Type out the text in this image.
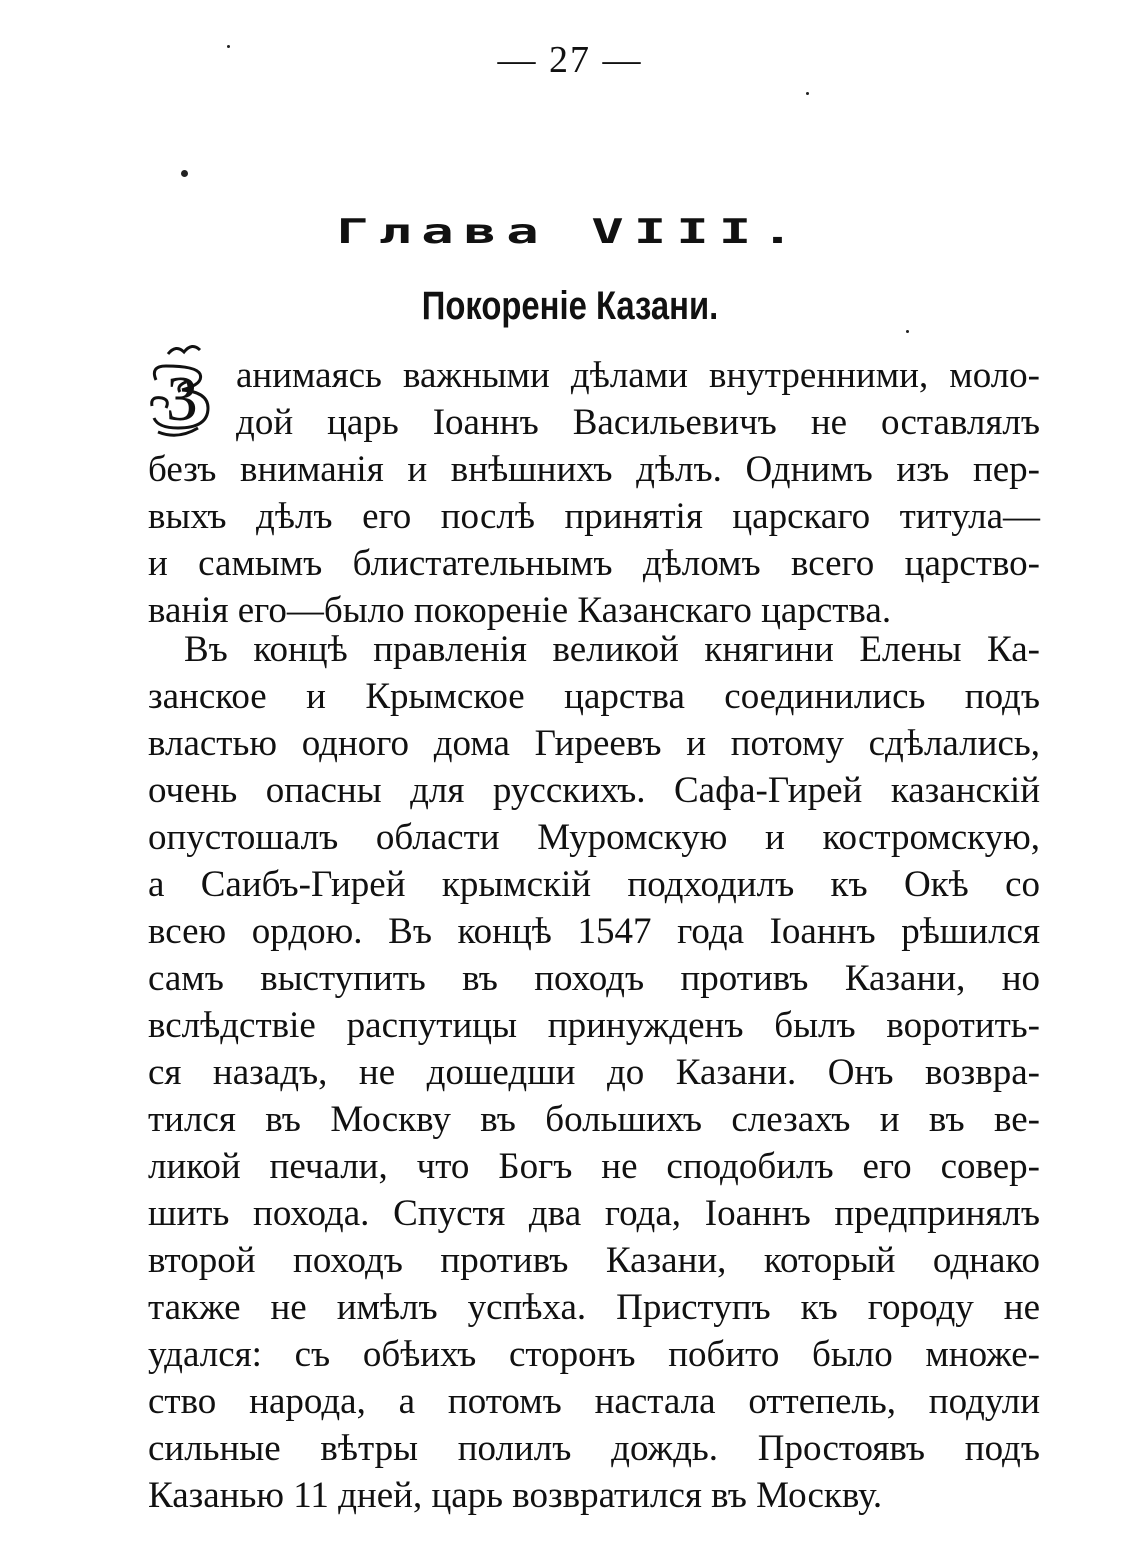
— 27 —
Глава VIII.
Покореніе Казани.
З анимаясь важными дѣлами внутренними, моло-
дой царь Іоаннъ Васильевичъ не оставлялъ
безъ вниманія и внѣшнихъ дѣлъ. Однимъ изъ пер-
выхъ дѣлъ его послѣ принятія царскаго титула—
и самымъ блистательнымъ дѣломъ всего царство-
ванія его—было покореніе Казанскаго царства.
Въ концѣ правленія великой княгини Елены Ка-
занское и Крымское царства соединились подъ
властью одного дома Гиреевъ и потому сдѣлались,
очень опасны для русскихъ. Сафа-Гирей казанскій
опустошалъ области Муромскую и костромскую,
а Саибъ-Гирей крымскій подходилъ къ Окѣ со
всею ордою. Въ концѣ 1547 года Іоаннъ рѣшился
самъ выступить въ походъ противъ Казани, но
вслѣдствіе распутицы принужденъ былъ воротить-
ся назадъ, не дошедши до Казани. Онъ возвра-
тился въ Москву въ большихъ слезахъ и въ ве-
ликой печали, что Богъ не сподобилъ его совер-
шить похода. Спустя два года, Іоаннъ предпринялъ
второй походъ противъ Казани, который однако
также не имѣлъ успѣха. Приступъ къ городу не
удался: съ обѣихъ сторонъ побито было множе-
ство народа, а потомъ настала оттепель, подули
сильные вѣтры полилъ дождь. Простоявъ подъ
Казанью 11 дней, царь возвратился въ Москву.
